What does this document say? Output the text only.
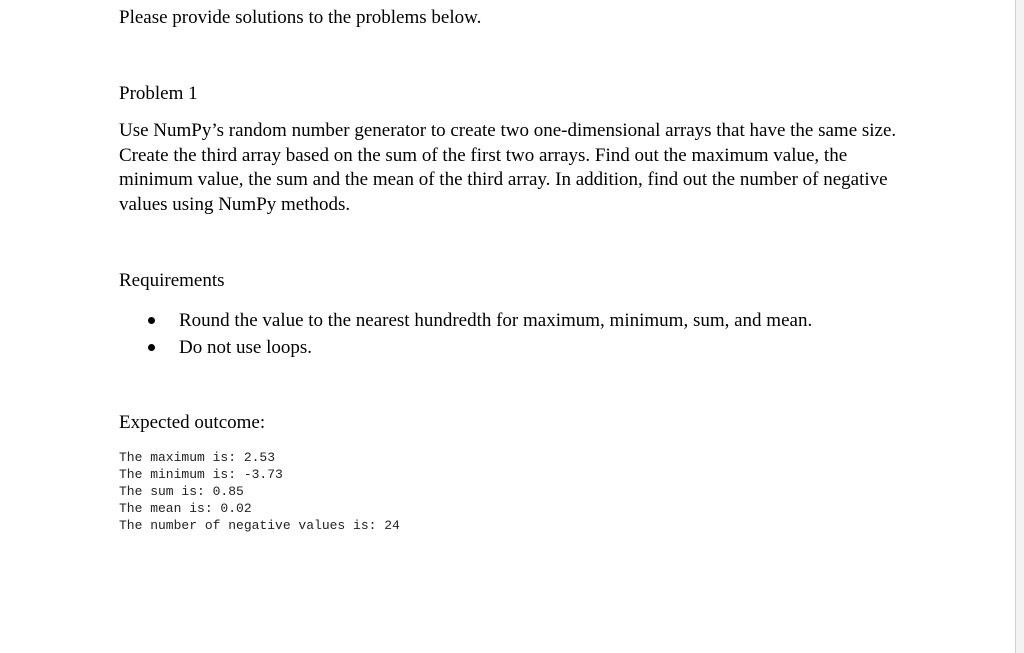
Please provide solutions to the problems below.

Problem 1

Use NumPy’s random number generator to create two one-dimensional arrays that have the same size. Create the third array based on the sum of the first two arrays. Find out the maximum value, the minimum value, the sum and the mean of the third array. In addition, find out the number of negative values using NumPy methods.

Requirements

Round the value to the nearest hundredth for maximum, minimum, sum, and mean.
Do not use loops.

Expected outcome:

The maximum is: 2.53
The minimum is: -3.73
The sum is: 0.85
The mean is: 0.02
The number of negative values is: 24
